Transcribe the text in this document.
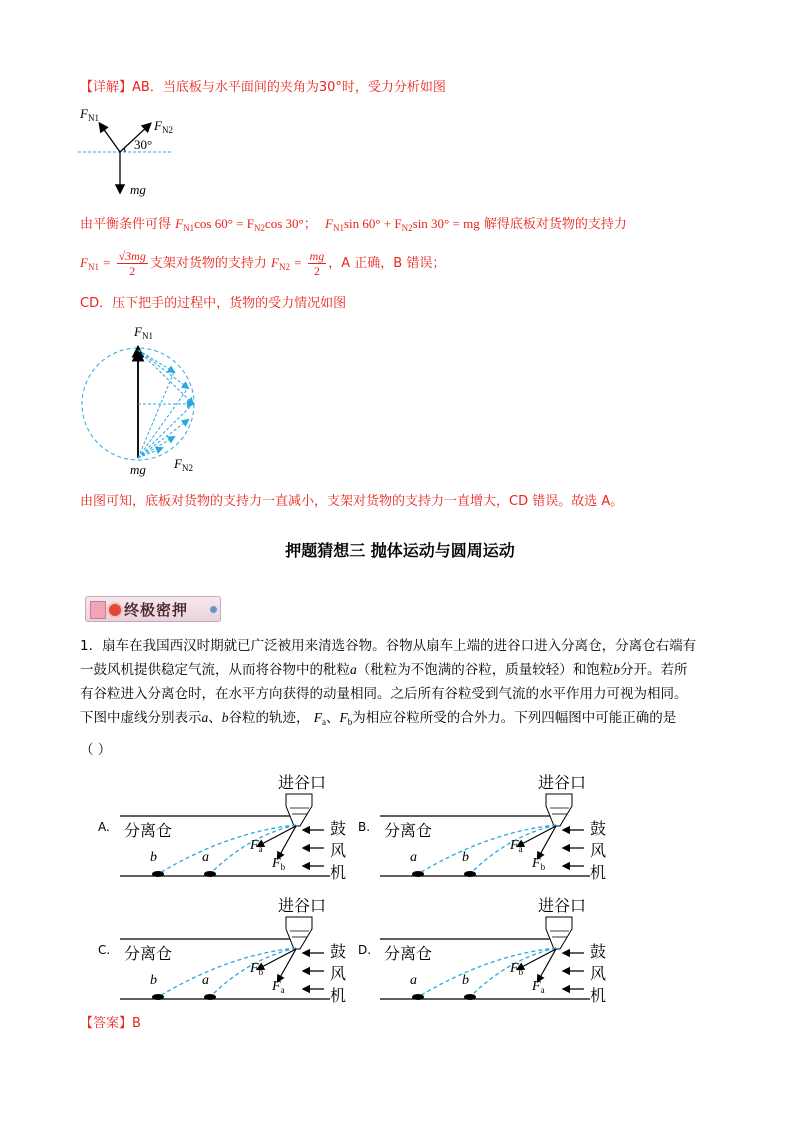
【详解】AB．当底板与水平面间的夹角为30°时，受力分析如图
$F_{N1}$	$F_{N2}$
30°
mg
由平衡条件可得 $F_{N1}\cos$ $60^\circ = F_{N2}\cos$ 30°； $F_{N1}\sin$ $60^\circ + F_{N2}\sin$ 30° = mg 解得底板对货物的支持力
$F_{N1} = \frac{√3mg}{2}$ 支架对货物的支持力 $F_{N2} = \frac{mg}{2}$ ，A 正确，B 错误；
CD．压下把手的过程中，货物的受力情况如图
$F_{N1}$
mg $F_{N2}$
由图可知，底板对货物的支持力一直减小，支架对货物的支持力一直增大，CD 错误。故选 A。
押题猜想三 抛体运动与圆周运动
终极密押
1．扇车在我国西汉时期就已广泛被用来清选谷物。谷物从扇车上端的进谷口进入分离仓，分离仓右端有
一鼓风机提供稳定气流，从而将谷物中的秕粒a（秕粒为不饱满的谷粒，质量较轻）和饱粒b分开。若所
有谷粒进入分离仓时，在水平方向获得的动量相同。之后所有谷粒受到气流的水平作用力可视为相同。
下图中虚线分别表示a、b谷粒的轨迹， $F_a$、$F_b$为相应谷粒所受的合外力。下列四幅图中可能正确的是
（ ）
A.
进谷口
分离仓	鼓
风
机
b	a
$F_a$
$F_b$
B.
进谷口
分离仓	鼓
风
机
a	b
$F_a$
$F_b$
C.
进谷口
分离仓	鼓
风
机
b	a
$F_b$
$F_a$
D.
进谷口
分离仓	鼓
风
机
a	b
$F_b$
$F_a$
【答案】B
